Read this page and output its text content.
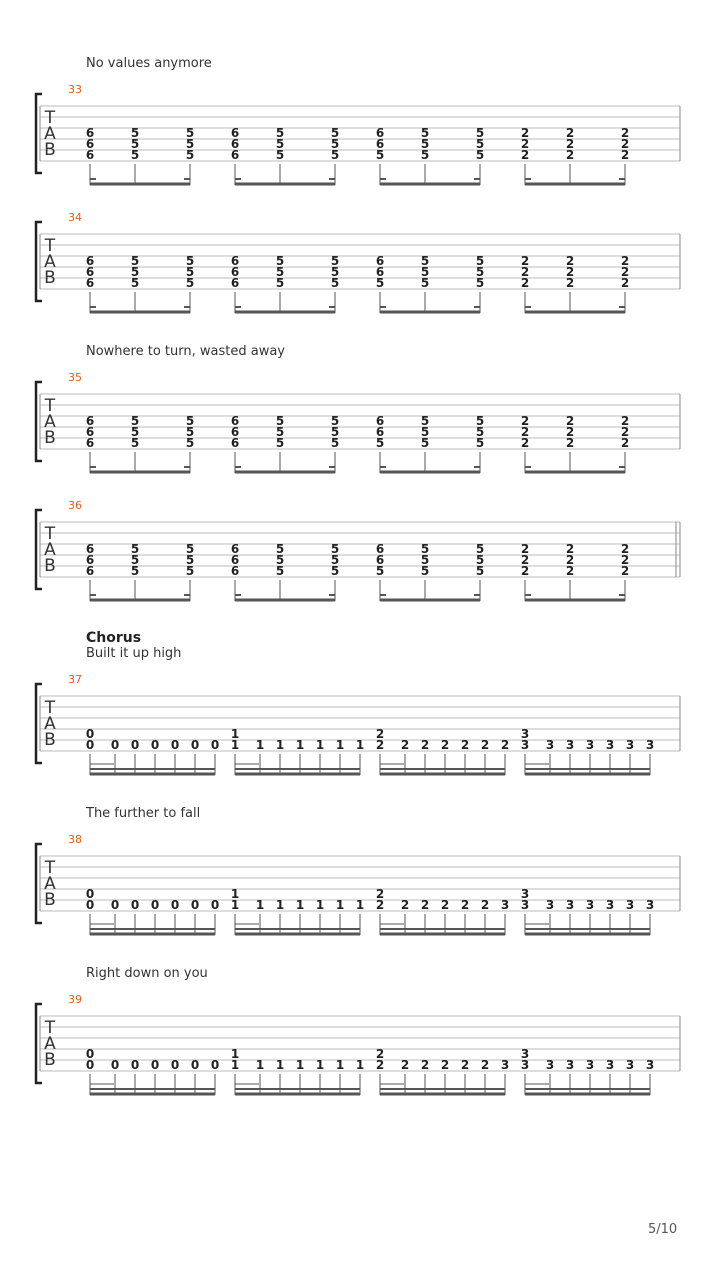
T
A
B
33
6
6
6
5
5
5
5
5
5
6
6
6
5
5
5
5
5
5
6
6
5
5
5
5
5
5
5
2
2
2
2
2
2
2
2
2
T
A
B
34
6
6
6
5
5
5
5
5
5
6
6
6
5
5
5
5
5
5
6
6
5
5
5
5
5
5
5
2
2
2
2
2
2
2
2
2
T
A
B
35
6
6
6
5
5
5
5
5
5
6
6
6
5
5
5
5
5
5
6
6
5
5
5
5
5
5
5
2
2
2
2
2
2
2
2
2
T
A
B
36
6
6
6
5
5
5
5
5
5
6
6
6
5
5
5
5
5
5
6
6
5
5
5
5
5
5
5
2
2
2
2
2
2
2
2
2
T
A
B
37
0
0 0 0 0 0 0 0
1
1 1 1 1 1 1 1
2
2 2 2 2 2 2 2
3
3 3 3 3 3 3 3
T
A
B
38
0
0 0 0 0 0 0 0
1
1 1 1 1 1 1 1
2
2 2 2 2 2 2 3
3
3 3 3 3 3 3 3
T
A
B
39
0
0 0 0 0 0 0 0
1
1 1 1 1 1 1 1
2
2 2 2 2 2 2 3
3
3 3 3 3 3 3 3
Chorus
No values anymore
Nowhere to turn, wasted away
Built it up high
The further to fall
Right down on you
5/10
